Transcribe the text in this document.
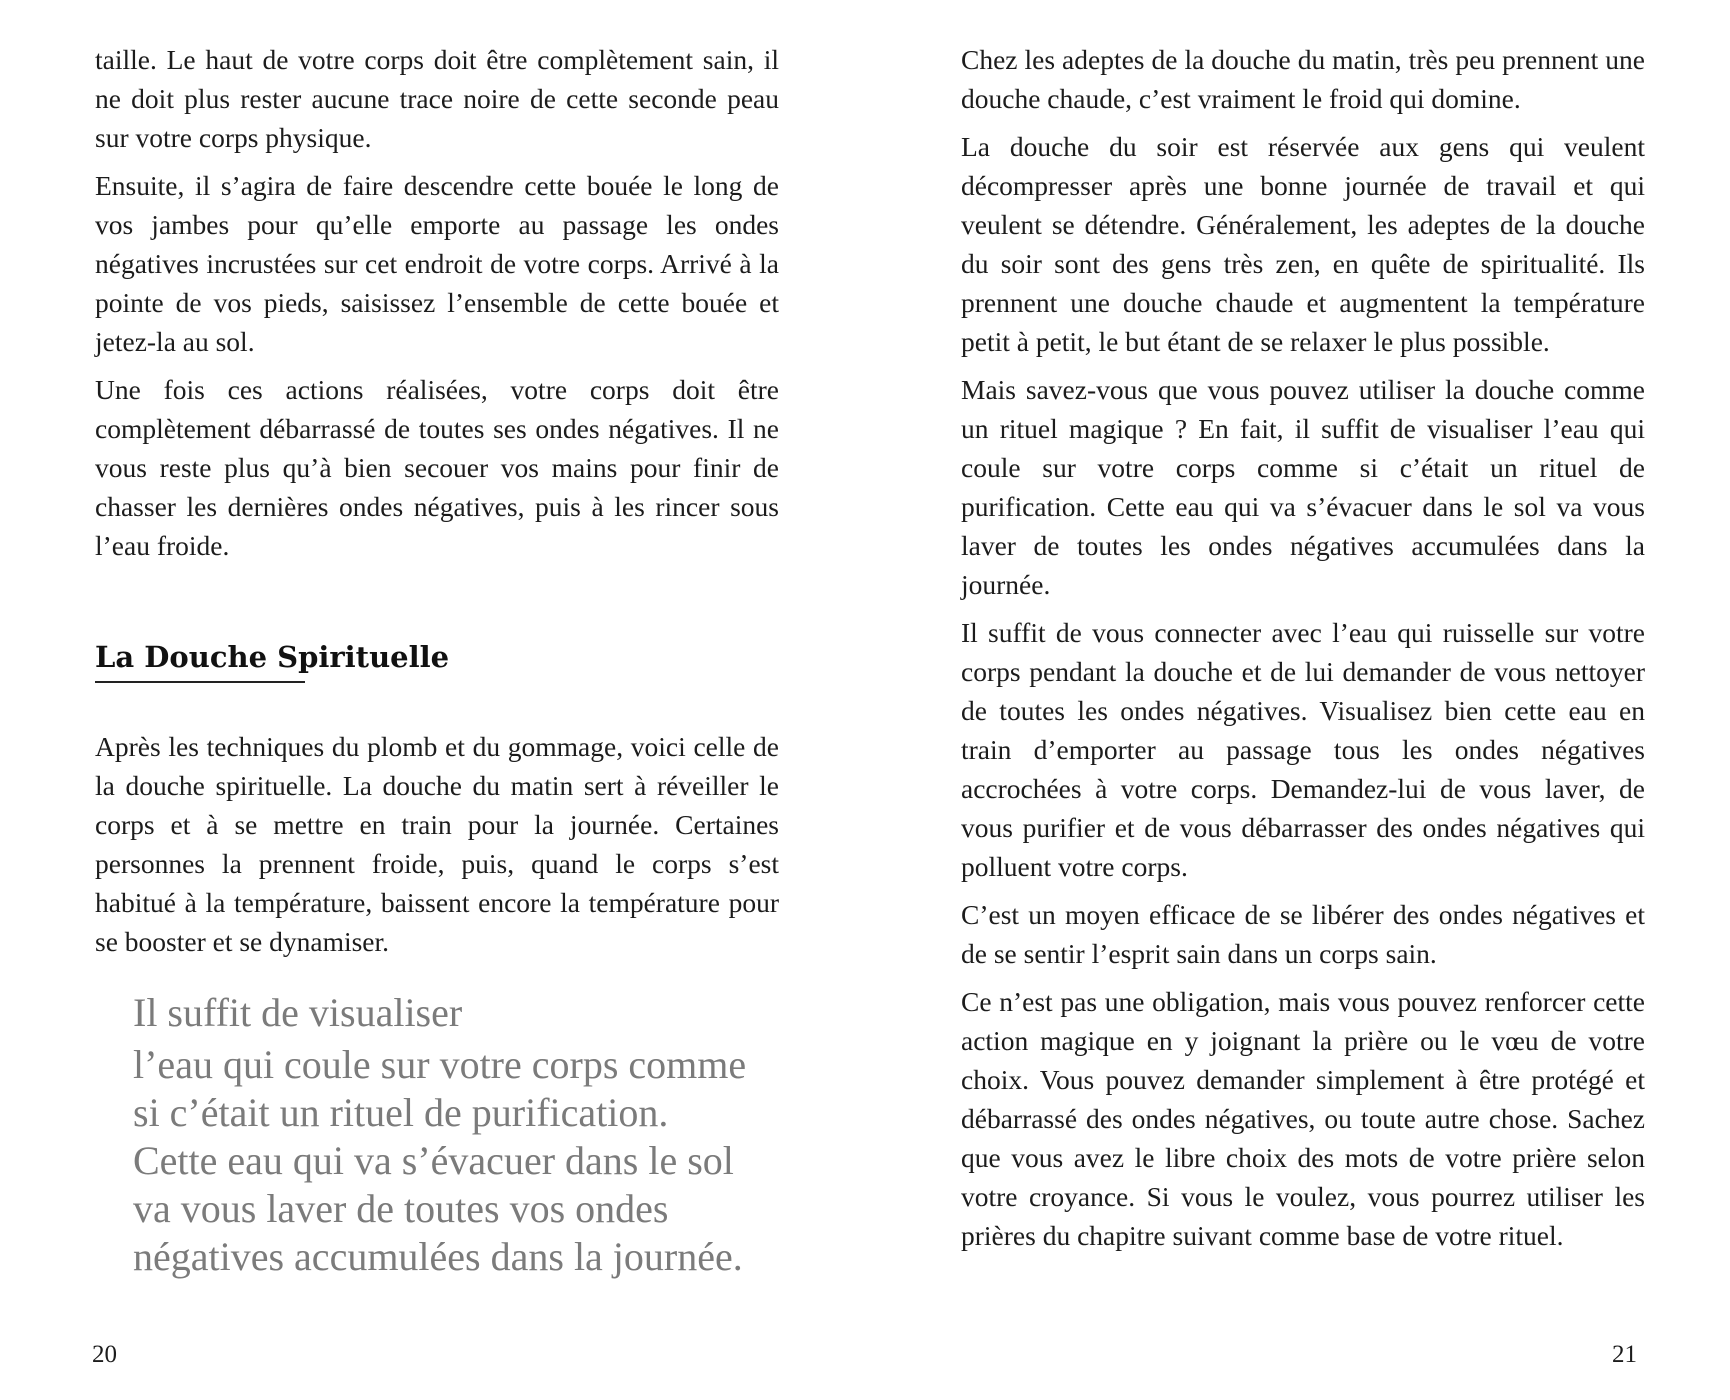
taille. Le haut de votre corps doit être complètement sain, il ne doit plus rester aucune trace noire de cette seconde peau sur votre corps physique.

Ensuite, il s’agira de faire descendre cette bouée le long de vos jambes pour qu’elle emporte au passage les ondes négatives incrustées sur cet endroit de votre corps. Arrivé à la pointe de vos pieds, saisissez l’ensemble de cette bouée et jetez-la au sol.

Une fois ces actions réalisées, votre corps doit être complètement débarrassé de toutes ses ondes négatives. Il ne vous reste plus qu’à bien secouer vos mains pour finir de chasser les dernières ondes négatives, puis à les rincer sous l’eau froide.

La Douche Spirituelle

Après les techniques du plomb et du gommage, voici celle de la douche spirituelle. La douche du matin sert à réveiller le corps et à se mettre en train pour la journée. Certaines personnes la prennent froide, puis, quand le corps s’est habitué à la température, baissent encore la température pour se booster et se dynamiser.

Il suffit de visualiser
l’eau qui coule sur votre corps comme si c’était un rituel de purification. Cette eau qui va s’évacuer dans le sol va vous laver de toutes vos ondes négatives accumulées dans la journée.

Chez les adeptes de la douche du matin, très peu prennent une douche chaude, c’est vraiment le froid qui domine.

La douche du soir est réservée aux gens qui veulent décompresser après une bonne journée de travail et qui veulent se détendre. Généralement, les adeptes de la douche du soir sont des gens très zen, en quête de spiritualité. Ils prennent une douche chaude et augmentent la température petit à petit, le but étant de se relaxer le plus possible.

Mais savez-vous que vous pouvez utiliser la douche comme un rituel magique ? En fait, il suffit de visualiser l’eau qui coule sur votre corps comme si c’était un rituel de purification. Cette eau qui va s’évacuer dans le sol va vous laver de toutes les ondes négatives accumulées dans la journée.

Il suffit de vous connecter avec l’eau qui ruisselle sur votre corps pendant la douche et de lui demander de vous nettoyer de toutes les ondes négatives. Visualisez bien cette eau en train d’emporter au passage tous les ondes négatives accrochées à votre corps. Demandez-lui de vous laver, de vous purifier et de vous débarrasser des ondes négatives qui polluent votre corps.

C’est un moyen efficace de se libérer des ondes négatives et de se sentir l’esprit sain dans un corps sain.

Ce n’est pas une obligation, mais vous pouvez renforcer cette action magique en y joignant la prière ou le vœu de votre choix. Vous pouvez demander simplement à être protégé et débarrassé des ondes négatives, ou toute autre chose. Sachez que vous avez le libre choix des mots de votre prière selon votre croyance. Si vous le voulez, vous pourrez utiliser les prières du chapitre suivant comme base de votre rituel.

20	21
